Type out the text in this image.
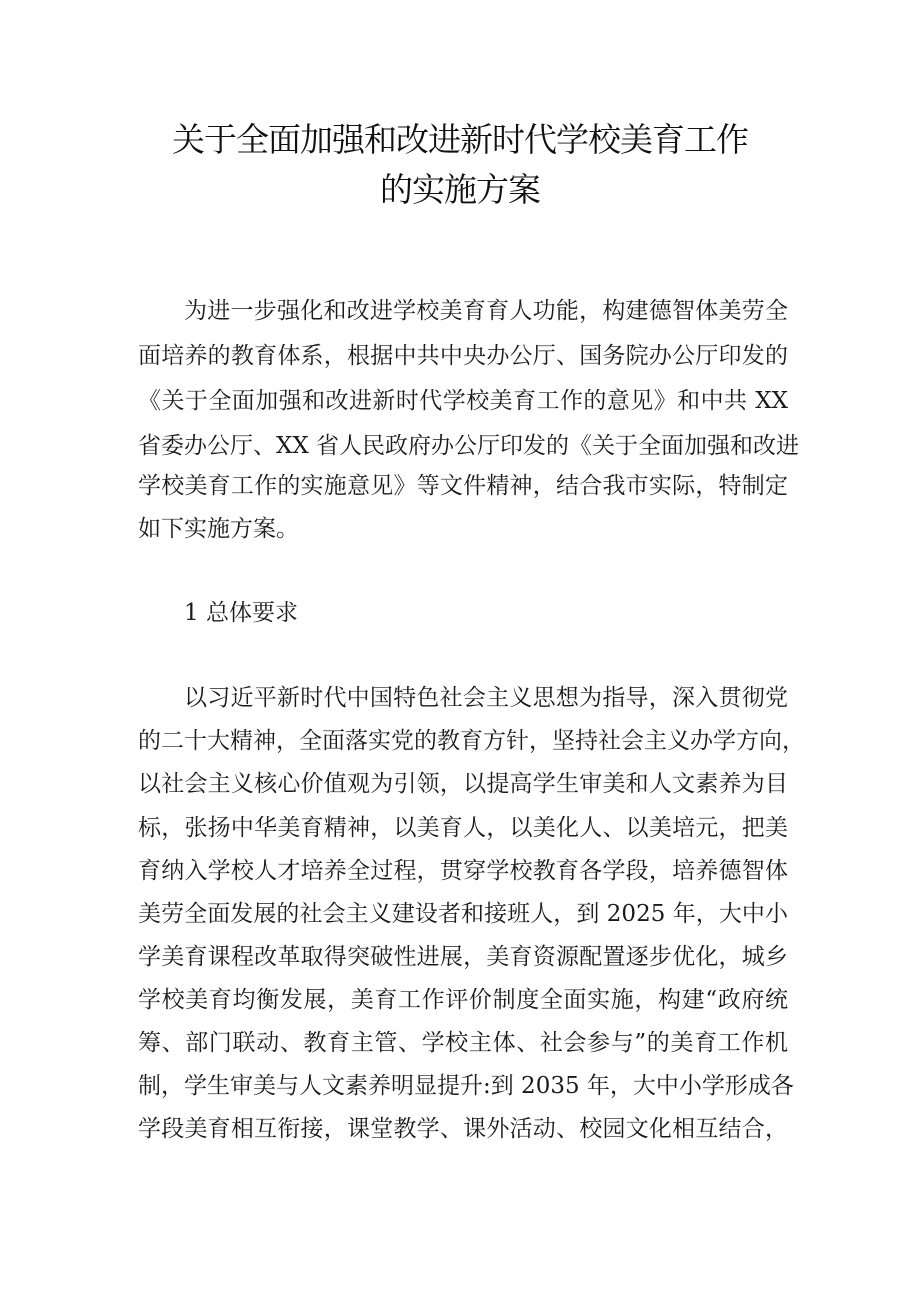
关于全面加强和改进新时代学校美育工作
的实施方案
为进一步强化和改进学校美育育人功能，构建德智体美劳全
面培养的教育体系，根据中共中央办公厅、国务院办公厅印发的
《关于全面加强和改进新时代学校美育工作的意见》和中共 XX
省委办公厅、XX 省人民政府办公厅印发的《关于全面加强和改进
学校美育工作的实施意见》等文件精神，结合我市实际，特制定
如下实施方案。
1 总体要求
以习近平新时代中国特色社会主义思想为指导，深入贯彻党
的二十大精神，全面落实党的教育方针，坚持社会主义办学方向，
以社会主义核心价值观为引领，以提高学生审美和人文素养为目
标，张扬中华美育精神，以美育人，以美化人、以美培元，把美
育纳入学校人才培养全过程，贯穿学校教育各学段，培养德智体
美劳全面发展的社会主义建设者和接班人，到 2025 年，大中小
学美育课程改革取得突破性进展，美育资源配置逐步优化，城乡
学校美育均衡发展，美育工作评价制度全面实施，构建“政府统
筹、部门联动、教育主管、学校主体、社会参与”的美育工作机
制，学生审美与人文素养明显提升:到 2035 年，大中小学形成各
学段美育相互衔接，课堂教学、课外活动、校园文化相互结合，
